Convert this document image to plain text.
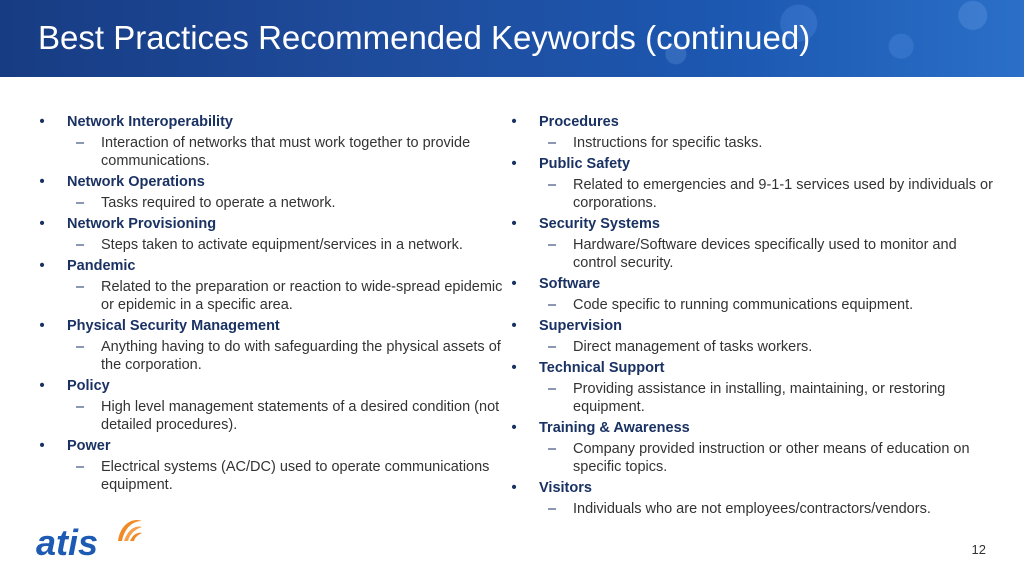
Best Practices Recommended Keywords (continued)
• Network Interoperability
– Interaction of networks that must work together to provide communications.
• Network Operations
– Tasks required to operate a network.
• Network Provisioning
– Steps taken to activate equipment/services in a network.
• Pandemic
– Related to the preparation or reaction to wide-spread epidemic or epidemic in a specific area.
• Physical Security Management
– Anything having to do with safeguarding the physical assets of the corporation.
• Policy
– High level management statements of a desired condition (not detailed procedures).
• Power
– Electrical systems (AC/DC) used to operate communications equipment.
• Procedures
– Instructions for specific tasks.
• Public Safety
– Related to emergencies and 9-1-1 services used by individuals or corporations.
• Security Systems
– Hardware/Software devices specifically used to monitor and control security.
• Software
– Code specific to running communications equipment.
• Supervision
– Direct management of tasks workers.
• Technical Support
– Providing assistance in installing, maintaining, or restoring equipment.
• Training & Awareness
– Company provided instruction or other means of education on specific topics.
• Visitors
– Individuals who are not employees/contractors/vendors.
atis	12
